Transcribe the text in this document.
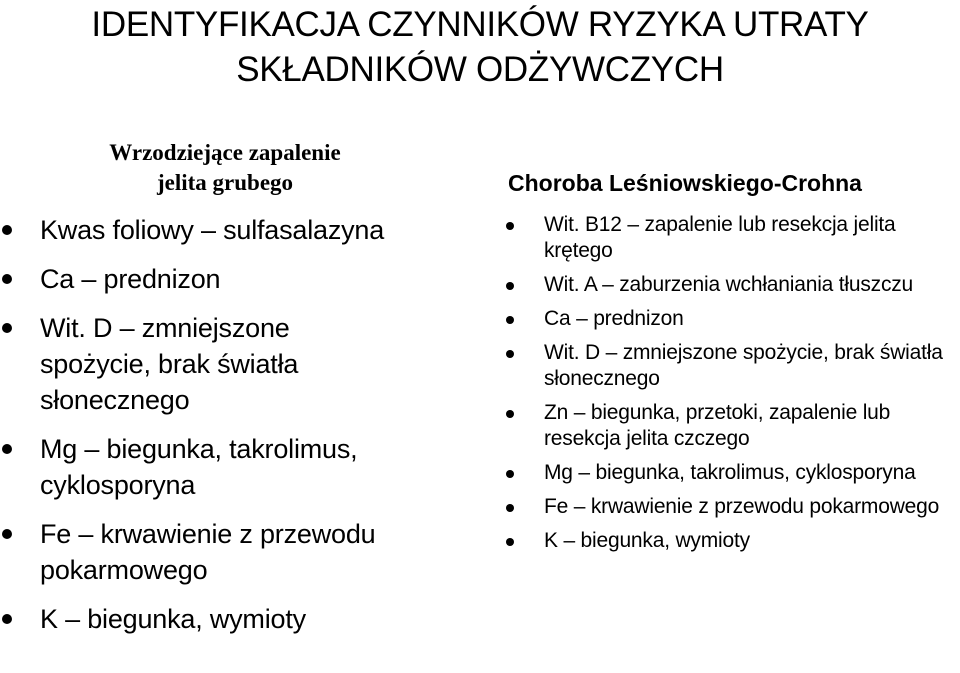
IDENTYFIKACJA CZYNNIKÓW RYZYKA UTRATY
SKŁADNIKÓW ODŻYWCZYCH
Wrzodziejące zapalenie
jelita grubego	Choroba Leśniowskiego-Crohna
Kwas foliowy – sulfasalazyna
Ca – prednizon
Wit. D – zmniejszone spożycie, brak światła słonecznego
Mg – biegunka, takrolimus, cyklosporyna
Fe – krwawienie z przewodu pokarmowego
K – biegunka, wymioty
Wit. B12 – zapalenie lub resekcja jelita krętego
Wit. A – zaburzenia wchłaniania tłuszczu
Ca – prednizon
Wit. D – zmniejszone spożycie, brak światła słonecznego
Zn – biegunka, przetoki, zapalenie lub resekcja jelita czczego
Mg – biegunka, takrolimus, cyklosporyna
Fe – krwawienie z przewodu pokarmowego
K – biegunka, wymioty
